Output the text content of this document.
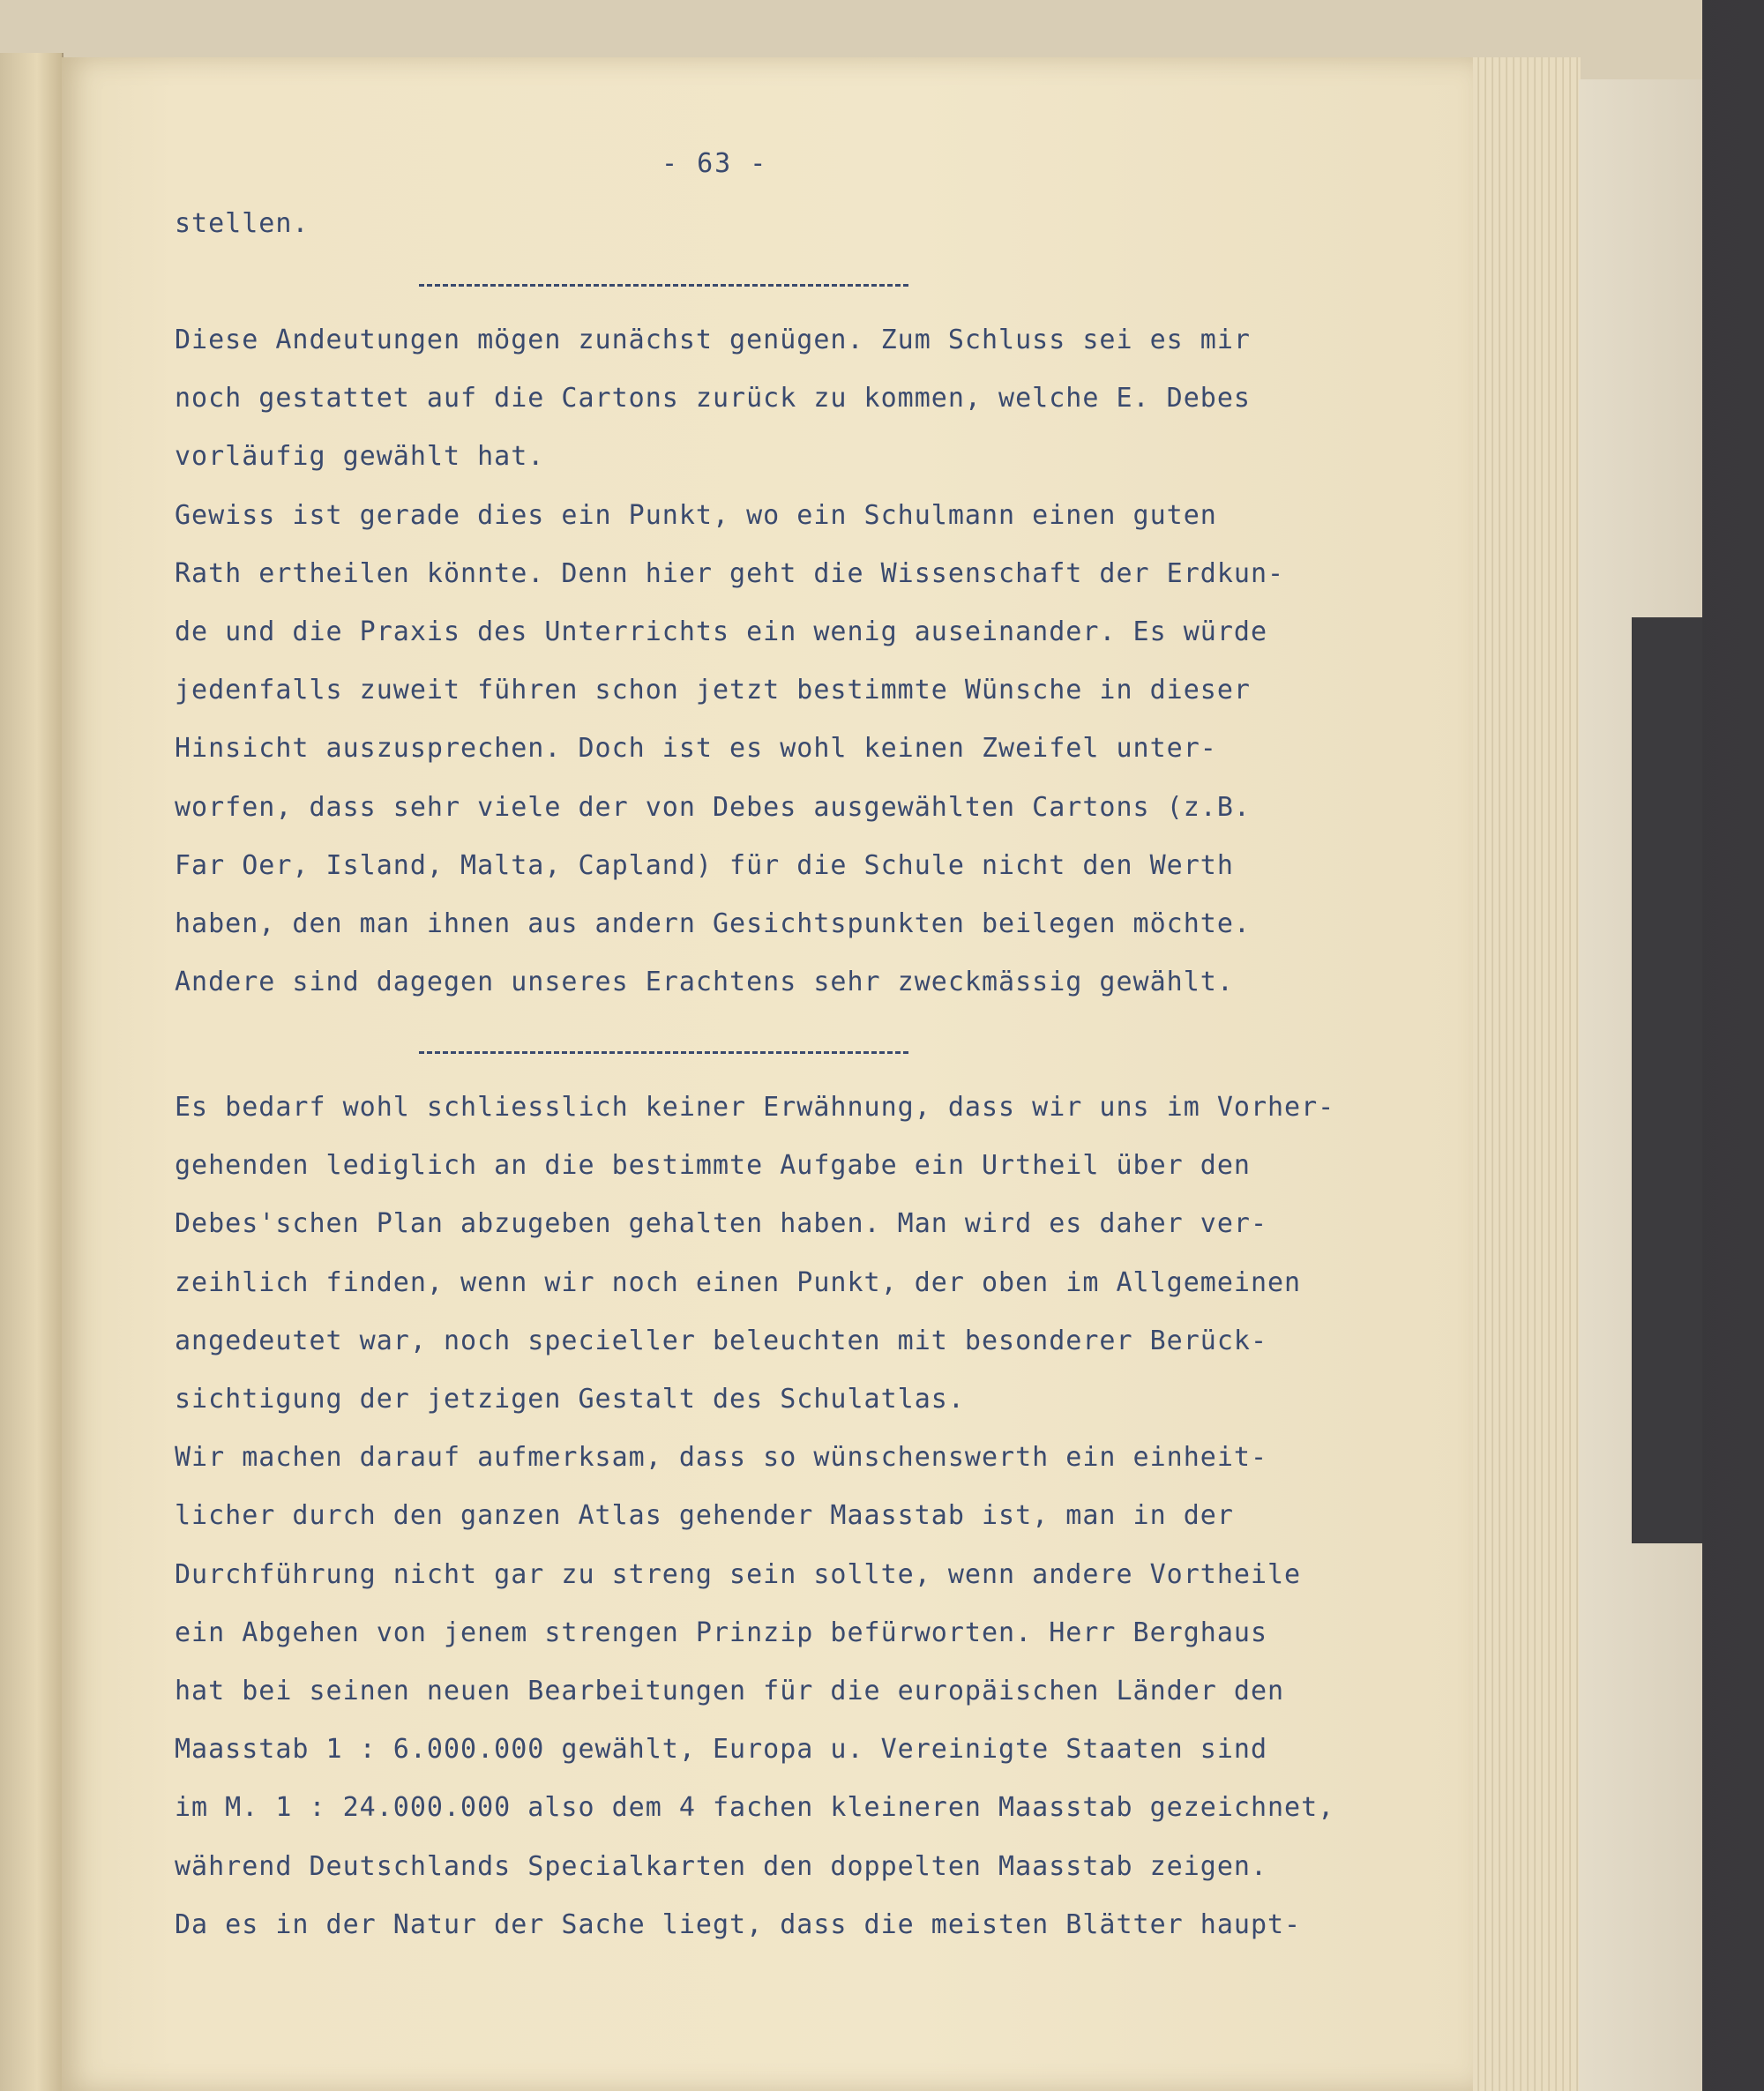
- 63 -
stellen.
Diese Andeutungen mögen zunächst genügen. Zum Schluss sei es mir
noch gestattet auf die Cartons zurück zu kommen, welche E. Debes
vorläufig gewählt hat.
Gewiss ist gerade dies ein Punkt, wo ein Schulmann einen guten
Rath ertheilen könnte. Denn hier geht die Wissenschaft der Erdkun-
de und die Praxis des Unterrichts ein wenig auseinander. Es würde
jedenfalls zuweit führen schon jetzt bestimmte Wünsche in dieser
Hinsicht auszusprechen. Doch ist es wohl keinen Zweifel unter-
worfen, dass sehr viele der von Debes ausgewählten Cartons (z.B.
Far Oer, Island, Malta, Capland) für die Schule nicht den Werth
haben, den man ihnen aus andern Gesichtspunkten beilegen möchte.
Andere sind dagegen unseres Erachtens sehr zweckmässig gewählt.
Es bedarf wohl schliesslich keiner Erwähnung, dass wir uns im Vorher-
gehenden lediglich an die bestimmte Aufgabe ein Urtheil über den
Debes'schen Plan abzugeben gehalten haben. Man wird es daher ver-
zeihlich finden, wenn wir noch einen Punkt, der oben im Allgemeinen
angedeutet war, noch specieller beleuchten mit besonderer Berück-
sichtigung der jetzigen Gestalt des Schulatlas.
Wir machen darauf aufmerksam, dass so wünschenswerth ein einheit-
licher durch den ganzen Atlas gehender Maasstab ist, man in der
Durchführung nicht gar zu streng sein sollte, wenn andere Vortheile
ein Abgehen von jenem strengen Prinzip befürworten. Herr Berghaus
hat bei seinen neuen Bearbeitungen für die europäischen Länder den
Maasstab 1 : 6.000.000 gewählt, Europa u. Vereinigte Staaten sind
im M. 1 : 24.000.000 also dem 4 fachen kleineren Maasstab gezeichnet,
während Deutschlands Specialkarten den doppelten Maasstab zeigen.
Da es in der Natur der Sache liegt, dass die meisten Blätter haupt-
